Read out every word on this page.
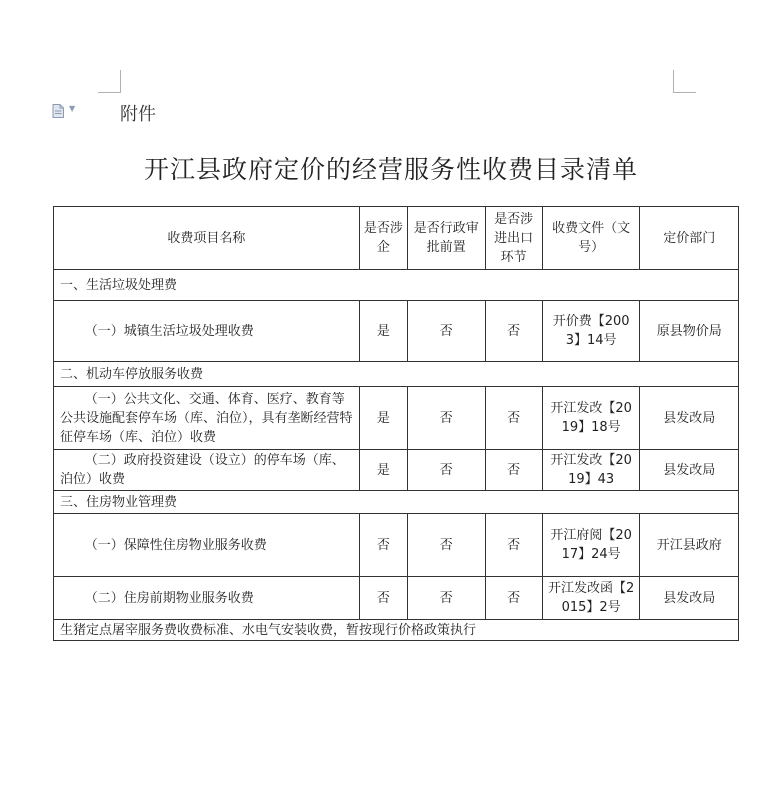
▼ 附件
开江县政府定价的经营服务性收费目录清单
收费项目名称	是否涉企	是否行政审批前置	是否涉进出口环节	收费文件（文号）	定价部门
一、生活垃圾处理费					
（一）城镇生活垃圾处理收费	是	否	否	开价费【2003】14号	原县物价局
二、机动车停放服务收费					
（一）公共文化、交通、体育、医疗、教育等公共设施配套停车场（库、泊位），具有垄断经营特征停车场（库、泊位）收费	是	否	否	开江发改【2019】18号	县发改局
（二）政府投资建设（设立）的停车场（库、泊位）收费	是	否	否	开江发改【2019】43	县发改局
三、住房物业管理费					
（一）保障性住房物业服务收费	否	否	否	开江府阅【2017】24号	开江县政府
（二）住房前期物业服务收费	否	否	否	开江发改函【2015】2号	县发改局
生猪定点屠宰服务费收费标准、水电气安装收费，暂按现行价格政策执行					
